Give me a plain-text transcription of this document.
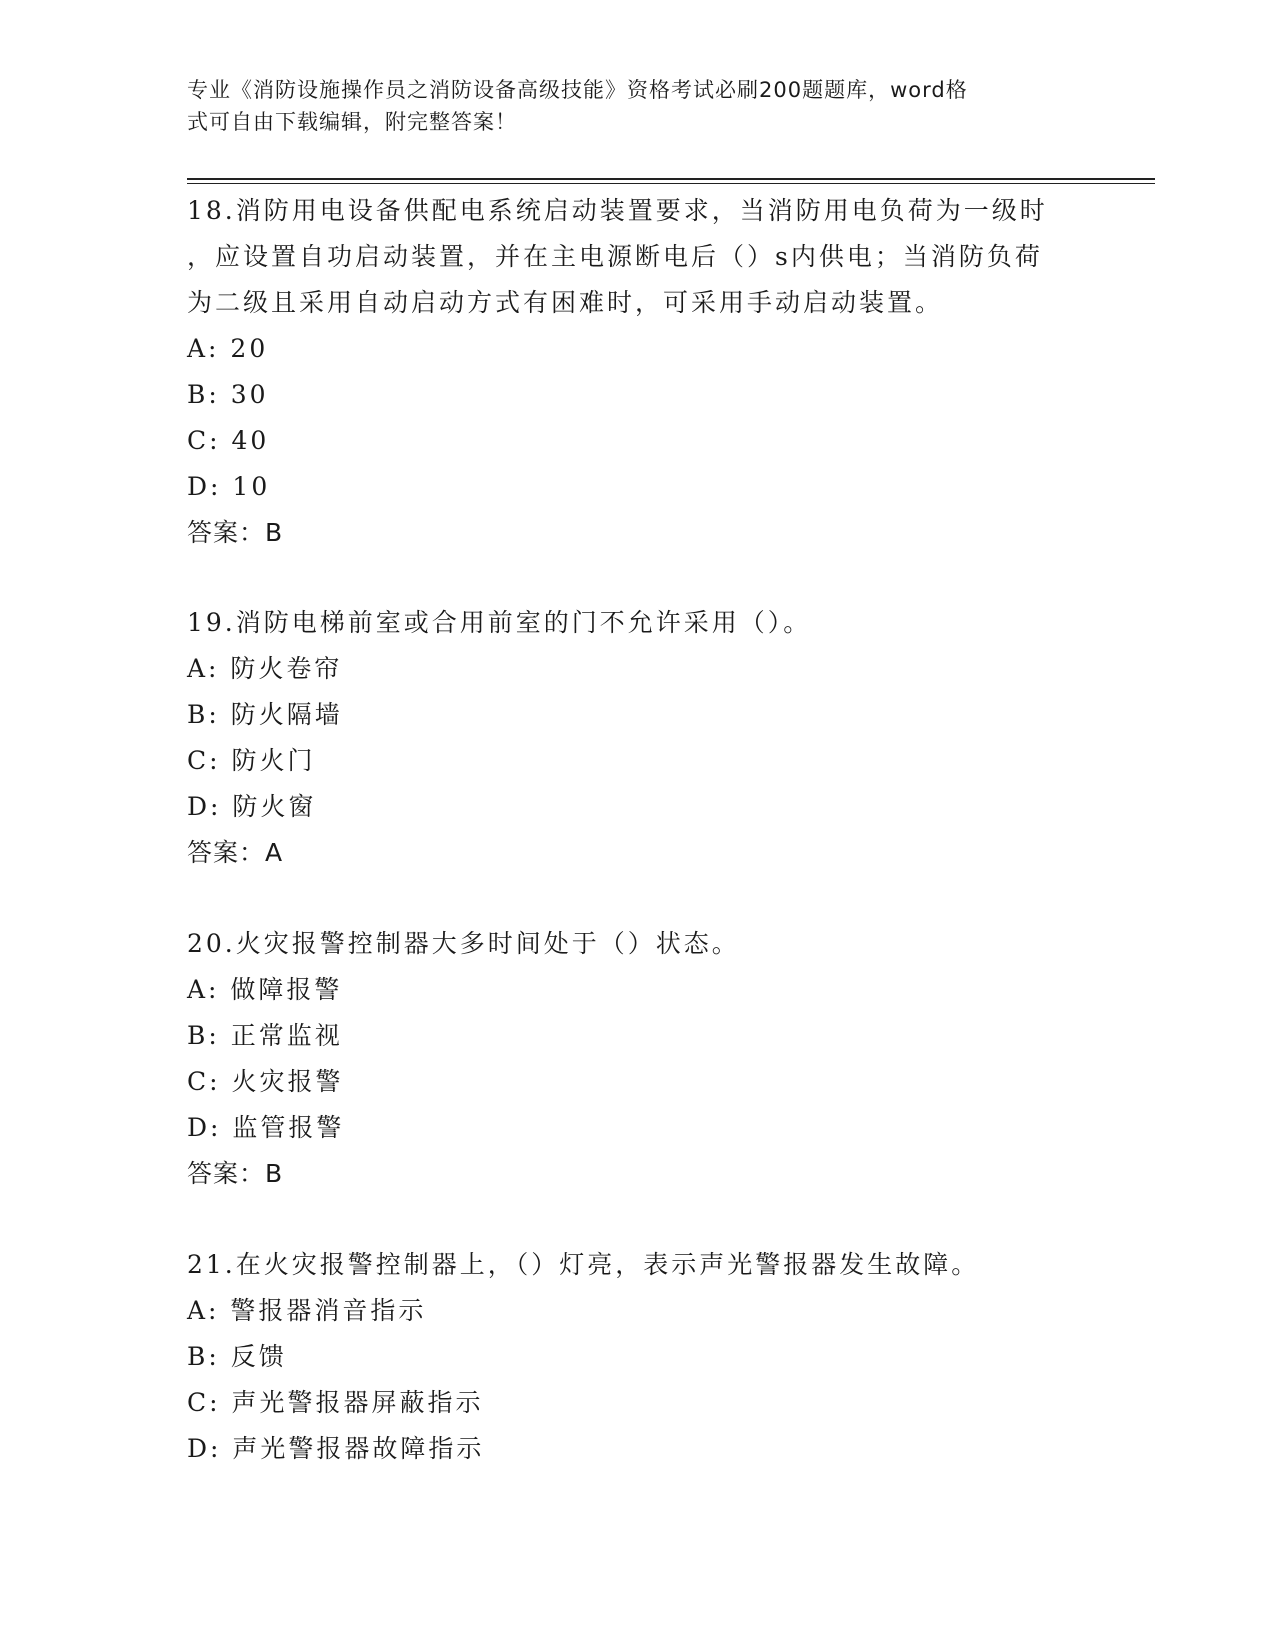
专业《消防设施操作员之消防设备高级技能》资格考试必刷200题题库，word格
式可自由下载编辑，附完整答案！

18.消防用电设备供配电系统启动装置要求，当消防用电负荷为一级时

，应设置自功启动装置，并在主电源断电后（）s内供电；当消防负荷

为二级且采用自动启动方式有困难时，可采用手动启动装置。

A: 20

B: 30

C: 40

D: 10

答案：B

19.消防电梯前室或合用前室的门不允许采用（）。

A: 防火卷帘

B: 防火隔墙

C: 防火门

D: 防火窗

答案：A

20.火灾报警控制器大多时间处于（）状态。

A: 做障报警

B: 正常监视

C: 火灾报警

D: 监管报警

答案：B

21.在火灾报警控制器上，（）灯亮，表示声光警报器发生故障。

A: 警报器消音指示

B: 反馈

C: 声光警报器屏蔽指示

D: 声光警报器故障指示
